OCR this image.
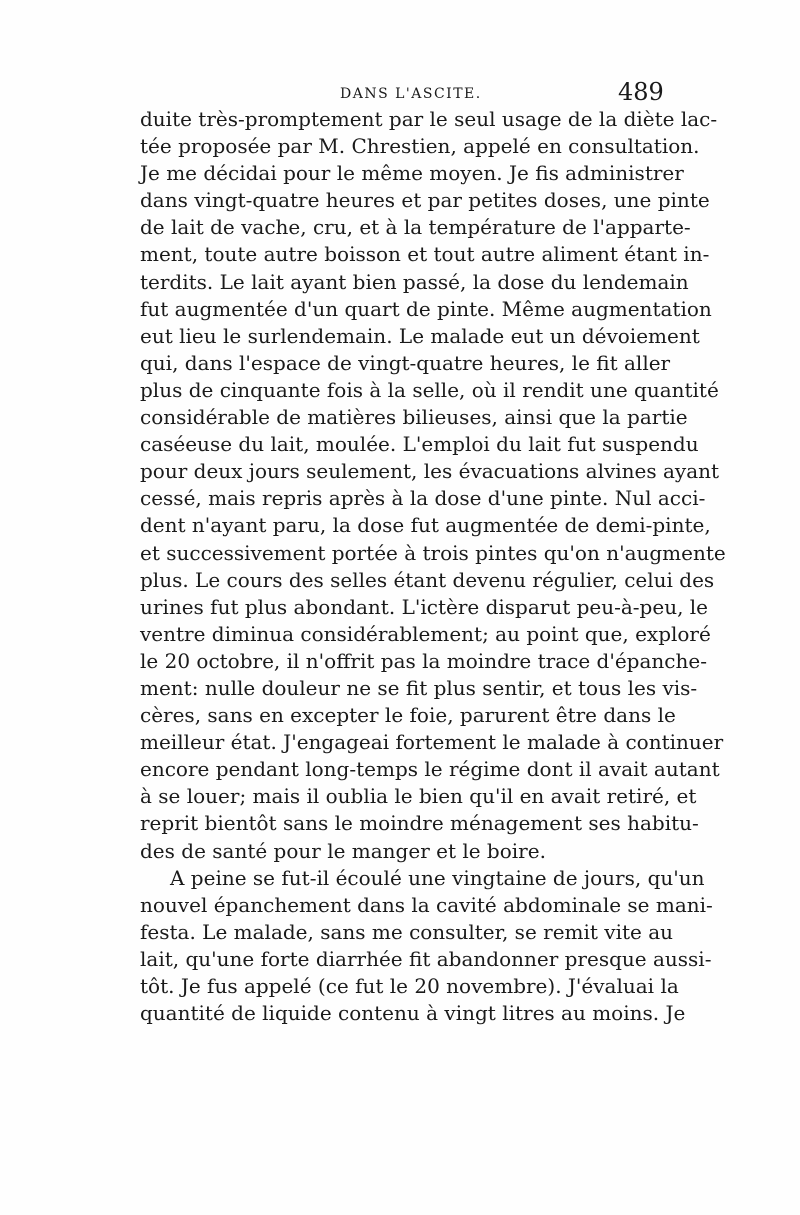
DANS L'ASCITE.	489
duite très-promptement par le seul usage de la diète lac-
tée proposée par M. Chrestien, appelé en consultation.
Je me décidai pour le même moyen. Je fis administrer
dans vingt-quatre heures et par petites doses, une pinte
de lait de vache, cru, et à la température de l'apparte-
ment, toute autre boisson et tout autre aliment étant in-
terdits. Le lait ayant bien passé, la dose du lendemain
fut augmentée d'un quart de pinte. Même augmentation
eut lieu le surlendemain. Le malade eut un dévoiement
qui, dans l'espace de vingt-quatre heures, le fit aller
plus de cinquante fois à la selle, où il rendit une quantité
considérable de matières bilieuses, ainsi que la partie
caséeuse du lait, moulée. L'emploi du lait fut suspendu
pour deux jours seulement, les évacuations alvines ayant
cessé, mais repris après à la dose d'une pinte. Nul acci-
dent n'ayant paru, la dose fut augmentée de demi-pinte,
et successivement portée à trois pintes qu'on n'augmente
plus. Le cours des selles étant devenu régulier, celui des
urines fut plus abondant. L'ictère disparut peu-à-peu, le
ventre diminua considérablement; au point que, exploré
le 20 octobre, il n'offrit pas la moindre trace d'épanche-
ment: nulle douleur ne se fit plus sentir, et tous les vis-
cères, sans en excepter le foie, parurent être dans le
meilleur état. J'engageai fortement le malade à continuer
encore pendant long-temps le régime dont il avait autant
à se louer; mais il oublia le bien qu'il en avait retiré, et
reprit bientôt sans le moindre ménagement ses habitu-
des de santé pour le manger et le boire.
A peine se fut-il écoulé une vingtaine de jours, qu'un
nouvel épanchement dans la cavité abdominale se mani-
festa. Le malade, sans me consulter, se remit vite au
lait, qu'une forte diarrhée fit abandonner presque aussi-
tôt. Je fus appelé (ce fut le 20 novembre). J'évaluai la
quantité de liquide contenu à vingt litres au moins. Je
